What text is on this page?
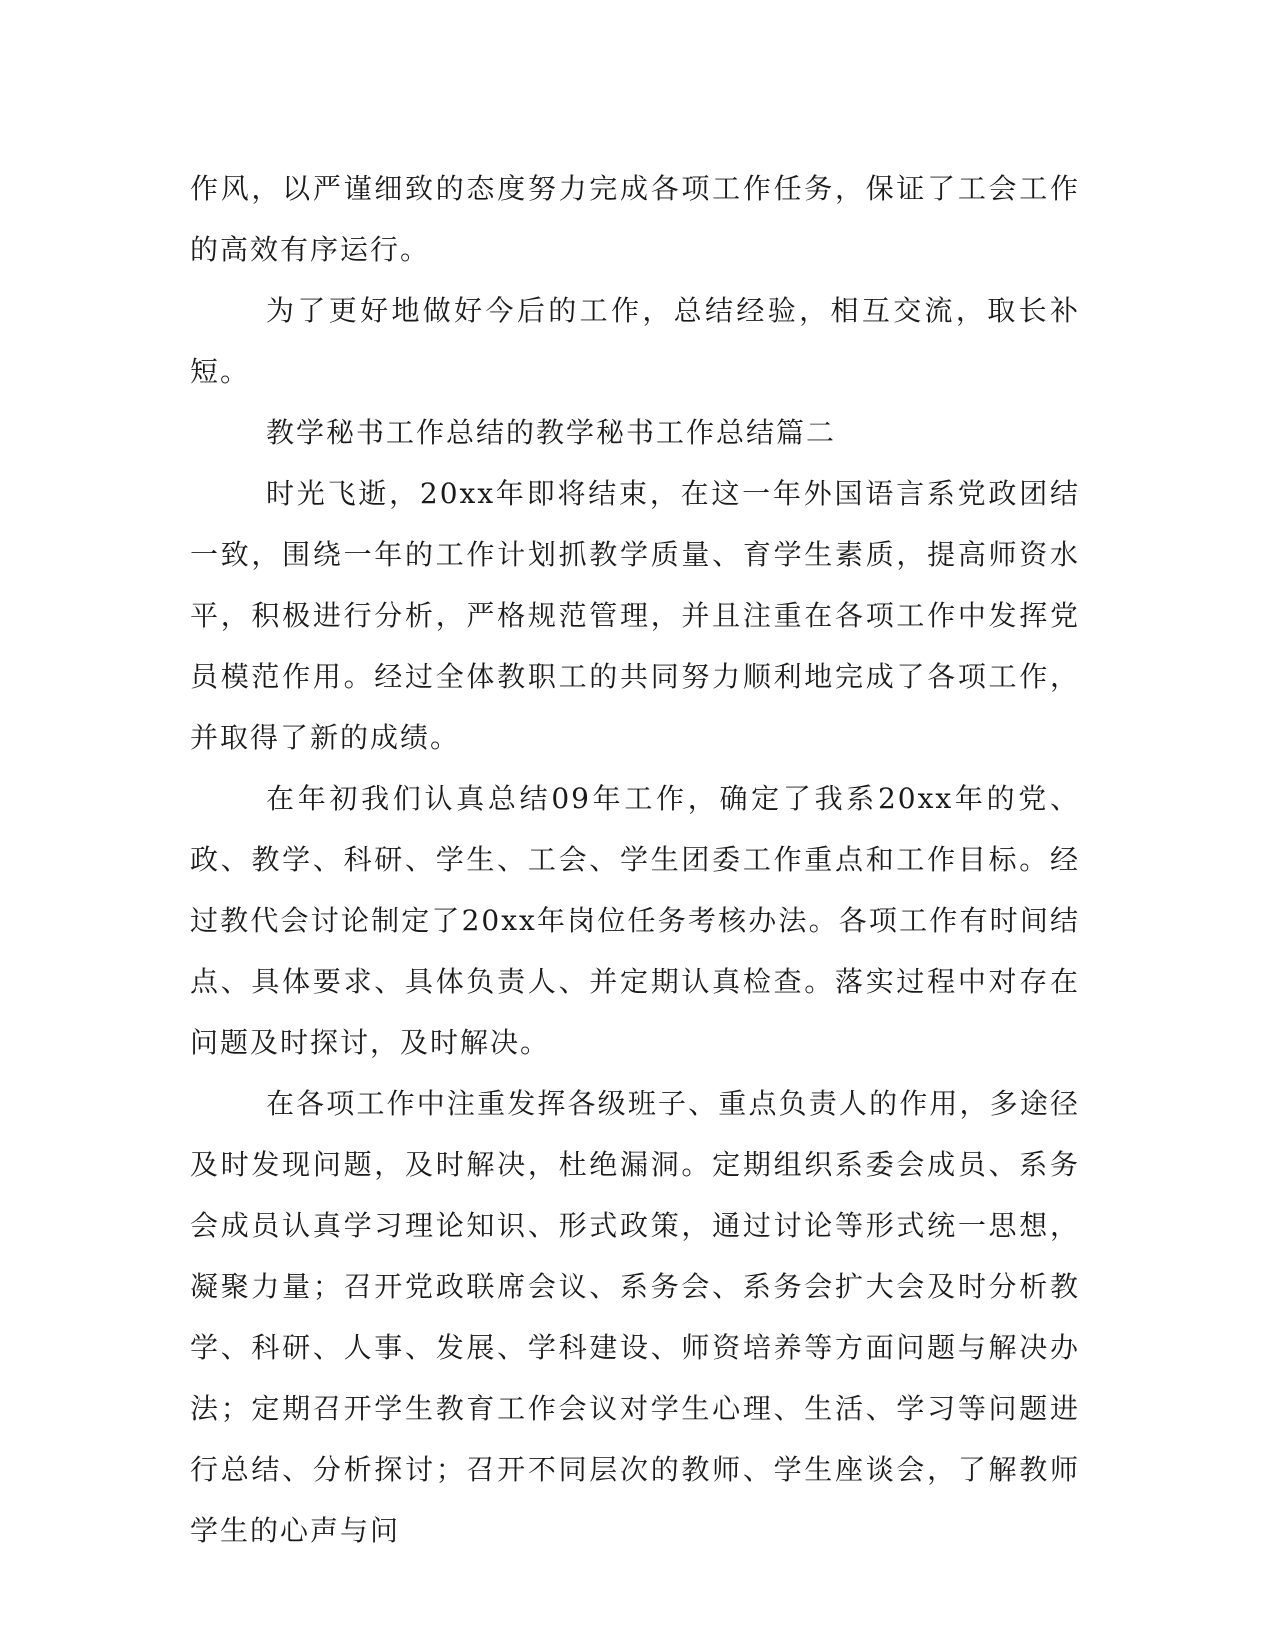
作风，以严谨细致的态度努力完成各项工作任务，保证了工会工作的高效有序运行。

为了更好地做好今后的工作，总结经验，相互交流，取长补短。

教学秘书工作总结的教学秘书工作总结篇二

时光飞逝，20xx年即将结束，在这一年外国语言系党政团结一致，围绕一年的工作计划抓教学质量、育学生素质，提高师资水平，积极进行分析，严格规范管理，并且注重在各项工作中发挥党员模范作用。经过全体教职工的共同努力顺利地完成了各项工作，并取得了新的成绩。

在年初我们认真总结09年工作，确定了我系20xx年的党、政、教学、科研、学生、工会、学生团委工作重点和工作目标。经过教代会讨论制定了20xx年岗位任务考核办法。各项工作有时间结点、具体要求、具体负责人、并定期认真检查。落实过程中对存在问题及时探讨，及时解决。

在各项工作中注重发挥各级班子、重点负责人的作用，多途径及时发现问题，及时解决，杜绝漏洞。定期组织系委会成员、系务会成员认真学习理论知识、形式政策，通过讨论等形式统一思想，凝聚力量；召开党政联席会议、系务会、系务会扩大会及时分析教学、科研、人事、发展、学科建设、师资培养等方面问题与解决办法；定期召开学生教育工作会议对学生心理、生活、学习等问题进行总结、分析探讨；召开不同层次的教师、学生座谈会，了解教师学生的心声与问
